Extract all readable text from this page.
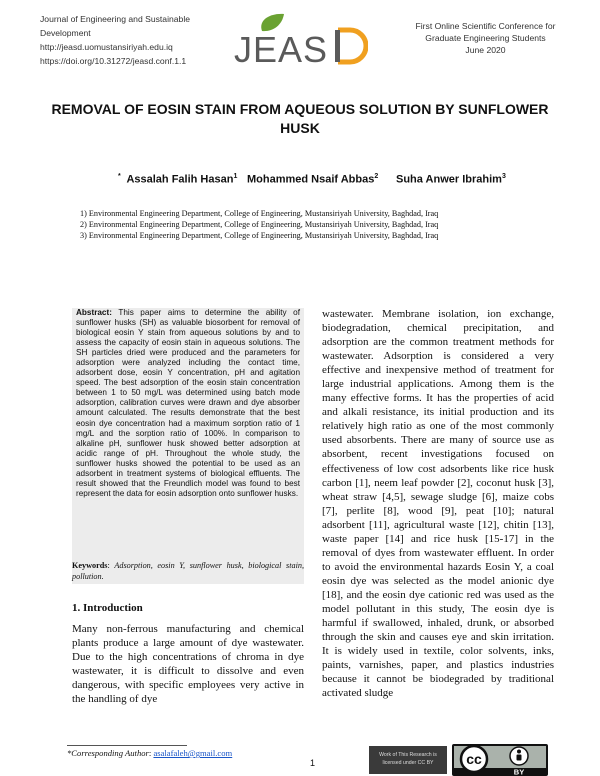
Journal of Engineering and Sustainable
Development
http://jeasd.uomustansiriyah.edu.iq
https://doi.org/10.31272/jeasd.conf.1.1	JEAS
First Online Scientific Conference for
Graduate Engineering Students
June 2020
REMOVAL OF EOSIN STAIN FROM AQUEOUS SOLUTION BY SUNFLOWER
HUSK
* Assalah Falih Hasan$^1$ Mohammed Nsaif Abbas$^2$ Suha Anwer Ibrahim$^3$
1) Environmental Engineering Department, College of Engineering, Mustansiriyah University, Baghdad, Iraq
2) Environmental Engineering Department, College of Engineering, Mustansiriyah University, Baghdad, Iraq
3) Environmental Engineering Department, College of Engineering, Mustansiriyah University, Baghdad, Iraq
Abstract: This paper aims to determine the ability of sunflower husks (SH) as valuable biosorbent for removal of biological eosin Y stain from aqueous solutions by and to assess the capacity of eosin stain in aqueous solutions. The SH particles dried were produced and the parameters for adsorption were analyzed including the contact time, adsorbent dose, eosin Y concentration, pH and agitation speed. The best adsorption of the eosin stain concentration between 1 to 50 mg/L was determined using batch mode adsorption, calibration curves were drawn and dye absorber amount calculated. The results demonstrate that the best eosin dye concentration had a maximum sorption ratio of 1 mg/L and the sorption ratio of 100%. In comparison to alkaline pH, sunflower husk showed better adsorption at acidic range of pH. Throughout the whole study, the sunflower husks showed the potential to be used as an adsorbent in treatment systems of biological effluents. The result showed that the Freundlich model was found to best represent the data for eosin adsorption onto sunflower husks.
Keywords: Adsorption, eosin Y, sunflower husk, biological stain, pollution.
1. Introduction
Many non-ferrous manufacturing and chemical plants produce a large amount of dye wastewater. Due to the high concentrations of chroma in dye wastewater, it is difficult to dissolve and even dangerous, with specific employees very active in the handling of dye
wastewater. Membrane isolation, ion exchange, biodegradation, chemical precipitation, and adsorption are the common treatment methods for wastewater. Adsorption is considered a very effective and inexpensive method of treatment for large industrial applications. Among them is the many effective forms. It has the properties of acid and alkali resistance, its initial production and its relatively high ratio as one of the most commonly used absorbents. There are many of source use as absorbent, recent investigations focused on effectiveness of low cost adsorbents like rice husk carbon [1], neem leaf powder [2], coconut husk [3], wheat straw [4,5], sewage sludge [6], maize cobs [7], perlite [8], wood [9], peat [10]; natural adsorbent [11], agricultural waste [12], chitin [13], waste paper [14] and rice husk [15-17] in the removal of dyes from wastewater effluent. In order to avoid the environmental hazards Eosin Y, a coal eosin dye was selected as the model anionic dye [18], and the eosin dye cationic red was used as the model pollutant in this study, The eosin dye is harmful if swallowed, inhaled, drunk, or absorbed through the skin and causes eye and skin irritation. It is widely used in textile, color solvents, inks, paints, varnishes, paper, and plastics industries because it cannot be biodegraded by traditional activated sludge
*Corresponding Author: asalafaleh@gmail.com	Work of This Research is
licensed under CC BY	cc
BY
1
